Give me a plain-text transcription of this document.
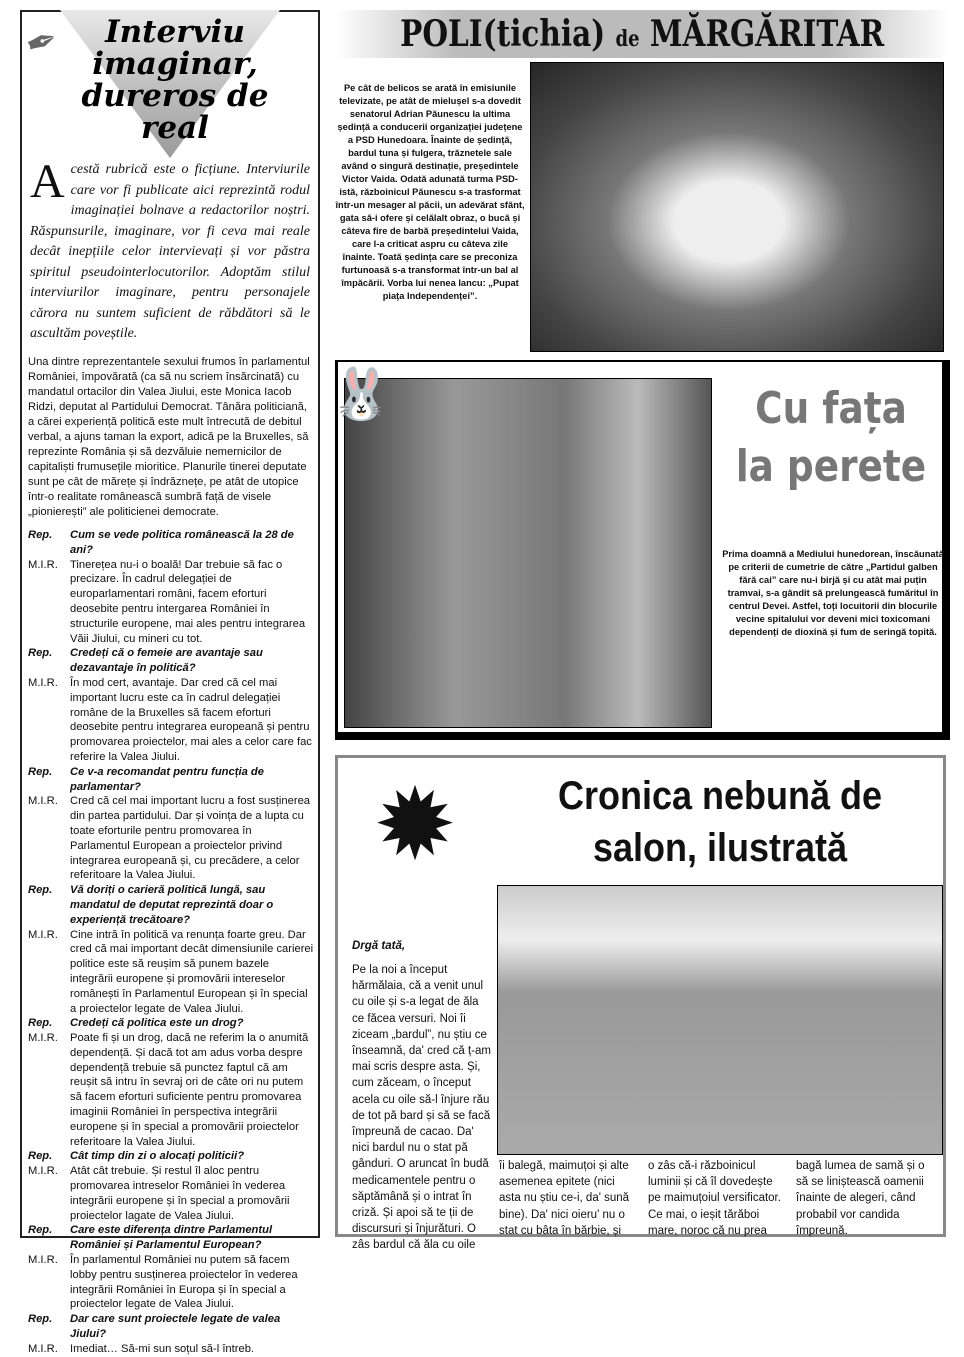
✒	Interviu imaginar, dureros de real
Acestă rubrică este o ficțiune. Interviurile care vor fi publicate aici reprezintă rodul imaginației bolnave a redactorilor noștri. Răspunsurile, imaginare, vor fi ceva mai reale decât inepțiile celor intervievați și vor păstra spiritul pseudointerlocutorilor. Adoptăm stilul interviurilor imaginare, pentru personajele cărora nu suntem suficient de răbdători să le ascultăm poveștile.
Una dintre reprezentantele sexului frumos în parlamentul României, împovărată (ca să nu scriem însărcinată) cu mandatul ortacilor din Valea Jiului, este Monica Iacob Ridzi, deputat al Partidului Democrat. Tânăra politiciană, a cărei experiență politică este mult întrecută de debitul verbal, a ajuns taman la export, adică pe la Bruxelles, să reprezinte România și să dezvăluie nemernicilor de capitaliști frumusețile mioritice. Planurile tinerei deputate sunt pe cât de mărețe și îndrăznețe, pe atât de utopice într-o realitate românească sumbră față de visele „pionierești” ale politicienei democrate.
Rep.	Cum se vede politica românească la 28 de ani?
M.I.R.	Tinerețea nu-i o boală! Dar trebuie să fac o precizare. În cadrul delegației de europarlamentari români, facem eforturi deosebite pentru intergarea României în structurile europene, mai ales pentru integrarea Văii Jiului, cu mineri cu tot.
Rep.	Credeți că o femeie are avantaje sau dezavantaje în politică?
M.I.R.	În mod cert, avantaje. Dar cred că cel mai important lucru este ca în cadrul delegației române de la Bruxelles să facem eforturi deosebite pentru integrarea europeană și pentru promovarea proiectelor, mai ales a celor care fac referire la Valea Jiului.
Rep.	Ce v-a recomandat pentru funcția de parlamentar?
M.I.R.	Cred că cel mai important lucru a fost susținerea din partea partidului. Dar și voința de a lupta cu toate eforturile pentru promovarea în Parlamentul European a proiectelor privind integrarea europeană și, cu precădere, a celor referitoare la Valea Jiului.
Rep.	Vă doriți o carieră politică lungă, sau mandatul de deputat reprezintă doar o experiență trecătoare?
M.I.R.	Cine intră în politică va renunța foarte greu. Dar cred că mai important decât dimensiunile carierei politice este să reușim să punem bazele integrării europene și promovării intereselor românești în Parlamentul European și în special a proiectelor legate de Valea Jiului.
Rep.	Credeți că politica este un drog?
M.I.R.	Poate fi și un drog, dacă ne referim la o anumită dependență. Și dacă tot am adus vorba despre dependență trebuie să punctez faptul că am reușit să intru în sevraj ori de câte ori nu putem să facem eforturi suficiente pentru promovarea imaginii României în perspectiva integrării europene și în special a promovării proiectelor referitoare la Valea Jiului.
Rep.	Cât timp din zi o alocați politicii?
M.I.R.	Atât cât trebuie. Și restul îl aloc pentru promovarea intreselor României în vederea integrării europene și în special a promovării proiectelor lagate de Valea Jiului.
Rep.	Care este diferența dintre Parlamentul României și Parlamentul European?
M.I.R.	În parlamentul României nu putem să facem lobby pentru susținerea proiectelor în vederea integrării României în Europa și în special a proiectelor legate de Valea Jiului.
Rep.	Dar care sunt proiectele legate de valea Jiului?
M.I.R.	Imediat… Să-mi sun soțul să-l întreb.
POLI(tichia) de MĂRGĂRITAR
Pe cât de belicos se arată în emisiunile televizate, pe atât de mielușel s-a dovedit senatorul Adrian Păunescu la ultima ședință a conducerii organizației județene a PSD Hunedoara. Înainte de ședință, bardul tuna și fulgera, trăznetele sale având o singură destinație, președintele Victor Vaida. Odată adunată turma PSD-istă, războinicul Păunescu s-a trasformat într-un mesager al păcii, un adevărat sfânt, gata să-i ofere și celălalt obraz, o bucă și câteva fire de barbă președintelui Vaida, care l-a criticat aspru cu câteva zile înainte. Toată ședința care se preconiza furtunoasă s-a transformat într-un bal al împăcării. Vorba lui nenea Iancu: „Pupat piața Independenței”.
🐰	Cu fața la perete
Prima doamnă a Mediului hunedorean, înscăunată pe criterii de cumetrie de către „Partidul galben fără cai” care nu-i birjă și cu atât mai puțin tramvai, s-a gândit să prelungească fumăritul în centrul Devei. Astfel, toți locuitorii din blocurile vecine spitalului vor deveni mici toxicomani dependenți de dioxină și fum de seringă topită.
✹	Cronica nebună de salon, ilustrată
Drgă tată,
Pe la noi a început hărmălaia, că a venit unul cu oile și s-a legat de ăla ce făcea versuri. Noi îi ziceam „bardul”, nu știu ce înseamnă, da' cred că ț-am mai scris despre asta. Și, cum zăceam, o început acela cu oile să-l înjure rău de tot pă bard și să se facă împreună de cacao. Da' nici bardul nu o stat pă gânduri. O aruncat în budă medicamentele pentru o săptămână și o intrat în criză. Și apoi să te ții de discursuri și înjurături. O zâs bardul că ăla cu oile
îi balegă, maimuțoi și alte asemenea epitete (nici asta nu știu ce-i, da' sună bine). Da' nici oieru' nu o stat cu bâta în bărbie, și
o zâs că-i războinicul luminii și că îl dovedește pe maimuțoiul versificator. Ce mai, o ieșit tărăboi mare, noroc că nu prea
bagă lumea de samă și o să se liniștească oamenii înainte de alegeri, când probabil vor candida împreună.
